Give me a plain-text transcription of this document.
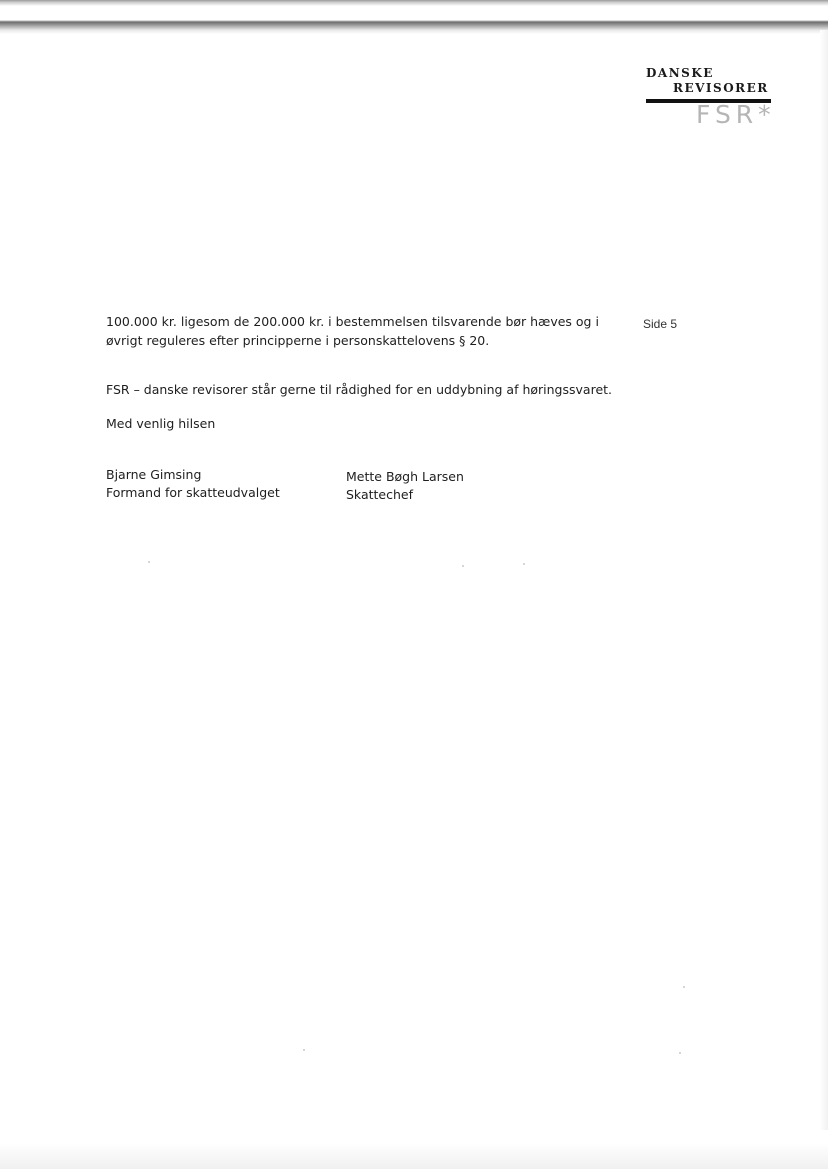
DANSKE
REVISORER
FSR*
Side 5
100.000 kr. ligesom de 200.000 kr. i bestemmelsen tilsvarende bør hæves og i
øvrigt reguleres efter principperne i personskattelovens § 20.
FSR – danske revisorer står gerne til rådighed for en uddybning af høringssvaret.
Med venlig hilsen
Bjarne Gimsing
Formand for skatteudvalget
Mette Bøgh Larsen
Skattechef
